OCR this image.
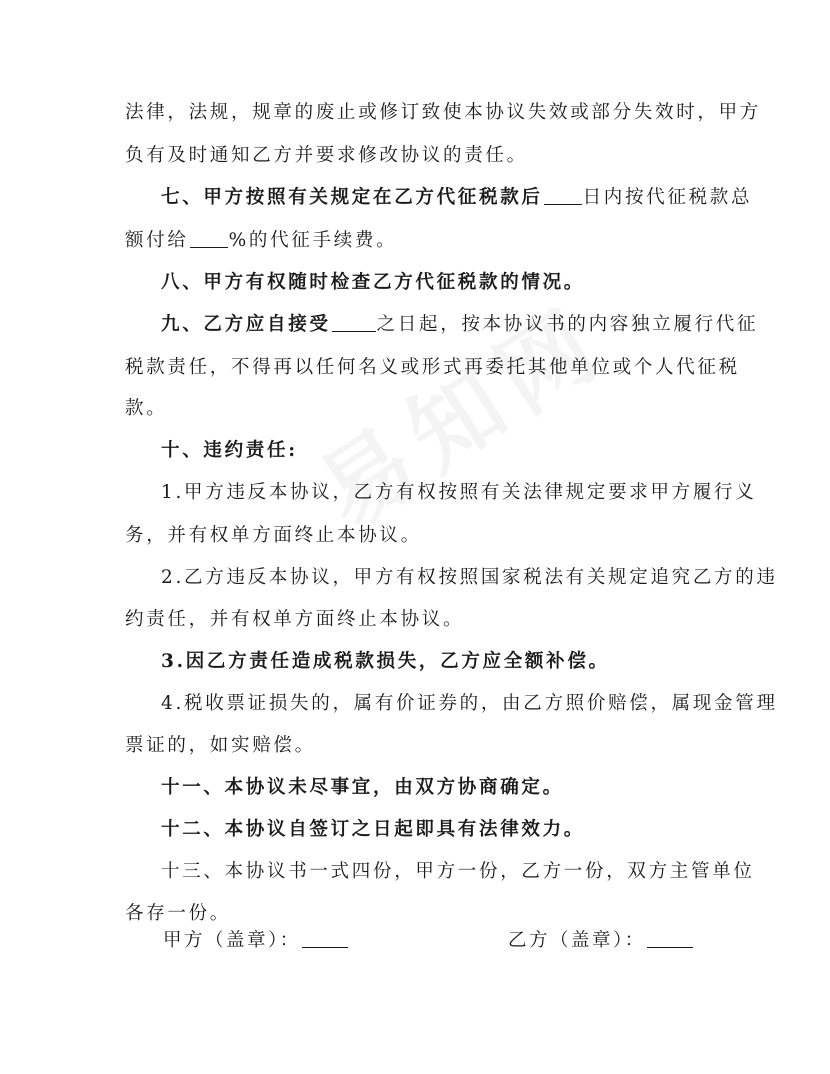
法律，法规，规章的废止或修订致使本协议失效或部分失效时，甲方
负有及时通知乙方并要求修改协议的责任。
七、甲方按照有关规定在乙方代征税款后 日内按代征税款总
额付给 %的代征手续费。
八、甲方有权随时检查乙方代征税款的情况。
九、乙方应自接受 之日起，按本协议书的内容独立履行代征
税款责任，不得再以任何名义或形式再委托其他单位或个人代征税
款。
十、违约责任:
1.甲方违反本协议，乙方有权按照有关法律规定要求甲方履行义
务，并有权单方面终止本协议。
2.乙方违反本协议，甲方有权按照国家税法有关规定追究乙方的违
约责任，并有权单方面终止本协议。
3.因乙方责任造成税款损失，乙方应全额补偿。
4.税收票证损失的，属有价证券的，由乙方照价赔偿，属现金管理
票证的，如实赔偿。
十一、本协议未尽事宜，由双方协商确定。
十二、本协议自签订之日起即具有法律效力。
十三、本协议书一式四份，甲方一份，乙方一份，双方主管单位
各存一份。
甲方（盖章）：	乙方（盖章）：
